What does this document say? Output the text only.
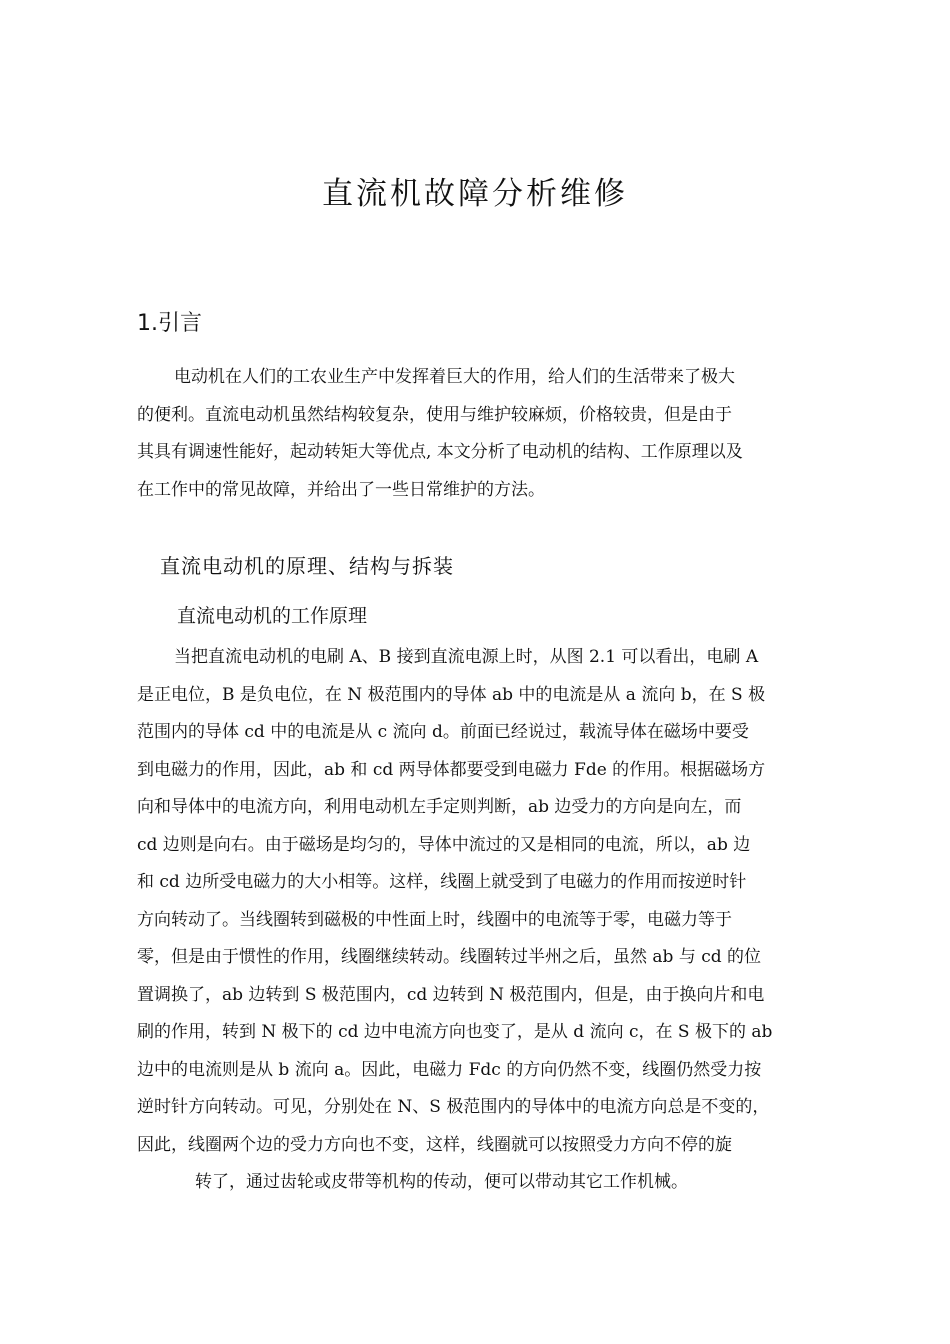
直流机故障分析维修
1.引言

电动机在人们的工农业生产中发挥着巨大的作用，给人们的生活带来了极大
的便利。直流电动机虽然结构较复杂，使用与维护较麻烦，价格较贵，但是由于
其具有调速性能好，起动转矩大等优点, 本文分析了电动机的结构、工作原理以及
在工作中的常见故障，并给出了一些日常维护的方法。

直流电动机的原理、结构与拆装
直流电动机的工作原理

当把直流电动机的电刷 A、B 接到直流电源上时，从图 2.1 可以看出，电刷 A
是正电位，B 是负电位，在 N 极范围内的导体 ab 中的电流是从 a 流向 b，在 S 极
范围内的导体 cd 中的电流是从 c 流向 d。前面已经说过，载流导体在磁场中要受
到电磁力的作用，因此，ab 和 cd 两导体都要受到电磁力 Fde 的作用。根据磁场方
向和导体中的电流方向，利用电动机左手定则判断，ab 边受力的方向是向左，而
cd 边则是向右。由于磁场是均匀的，导体中流过的又是相同的电流，所以，ab 边
和 cd 边所受电磁力的大小相等。这样，线圈上就受到了电磁力的作用而按逆时针
方向转动了。当线圈转到磁极的中性面上时，线圈中的电流等于零，电磁力等于
零，但是由于惯性的作用，线圈继续转动。线圈转过半州之后，虽然 ab 与 cd 的位
置调换了，ab 边转到 S 极范围内，cd 边转到 N 极范围内，但是，由于换向片和电
刷的作用，转到 N 极下的 cd 边中电流方向也变了，是从 d 流向 c，在 S 极下的 ab
边中的电流则是从 b 流向 a。因此，电磁力 Fdc 的方向仍然不变，线圈仍然受力按
逆时针方向转动。可见，分别处在 N、S 极范围内的导体中的电流方向总是不变的，
因此，线圈两个边的受力方向也不变，这样，线圈就可以按照受力方向不停的旋
转了，通过齿轮或皮带等机构的传动，便可以带动其它工作机械。
